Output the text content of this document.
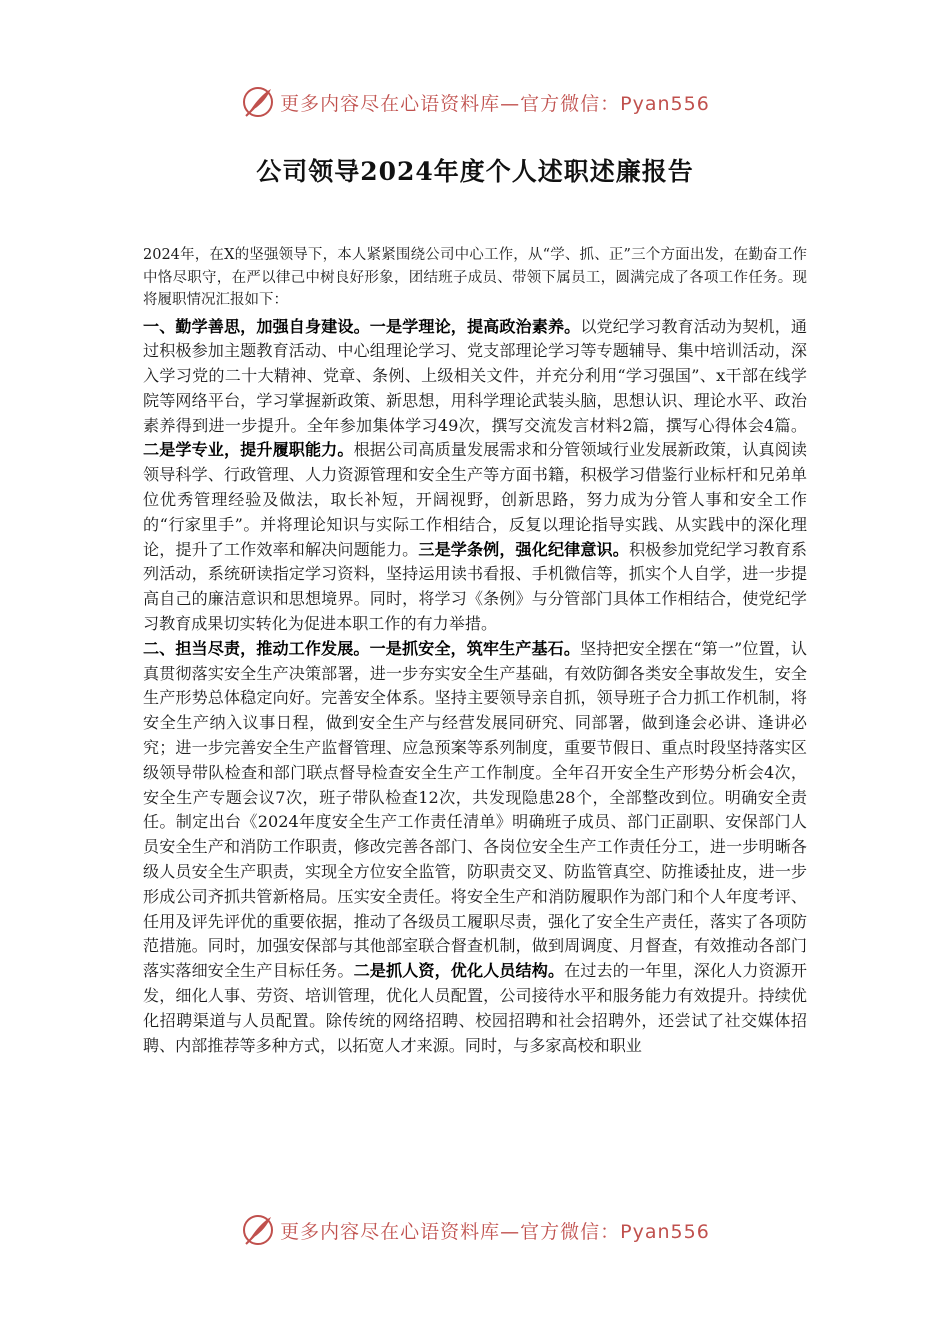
更多内容尽在心语资料库—官方微信：Pyan556
公司领导2024年度个人述职述廉报告

2024年，在X的坚强领导下，本人紧紧围绕公司中心工作，从“学、抓、正”三个方面出发，在勤奋工作中恪尽职守，在严以律己中树良好形象，团结班子成员、带领下属员工，圆满完成了各项工作任务。现将履职情况汇报如下：

一、勤学善思，加强自身建设。一是学理论，提高政治素养。以党纪学习教育活动为契机，通过积极参加主题教育活动、中心组理论学习、党支部理论学习等专题辅导、集中培训活动，深入学习党的二十大精神、党章、条例、上级相关文件，并充分利用“学习强国”、x干部在线学院等网络平台，学习掌握新政策、新思想，用科学理论武装头脑，思想认识、理论水平、政治素养得到进一步提升。全年参加集体学习49次，撰写交流发言材料2篇，撰写心得体会4篇。二是学专业，提升履职能力。根据公司高质量发展需求和分管领域行业发展新政策，认真阅读领导科学、行政管理、人力资源管理和安全生产等方面书籍，积极学习借鉴行业标杆和兄弟单位优秀管理经验及做法，取长补短，开阔视野，创新思路，努力成为分管人事和安全工作的“行家里手”。并将理论知识与实际工作相结合，反复以理论指导实践、从实践中的深化理论，提升了工作效率和解决问题能力。三是学条例，强化纪律意识。积极参加党纪学习教育系列活动，系统研读指定学习资料，坚持运用读书看报、手机微信等，抓实个人自学，进一步提高自己的廉洁意识和思想境界。同时，将学习《条例》与分管部门具体工作相结合，使党纪学习教育成果切实转化为促进本职工作的有力举措。

二、担当尽责，推动工作发展。一是抓安全，筑牢生产基石。坚持把安全摆在“第一”位置，认真贯彻落实安全生产决策部署，进一步夯实安全生产基础，有效防御各类安全事故发生，安全生产形势总体稳定向好。完善安全体系。坚持主要领导亲自抓，领导班子合力抓工作机制，将安全生产纳入议事日程，做到安全生产与经营发展同研究、同部署，做到逢会必讲、逢讲必究；进一步完善安全生产监督管理、应急预案等系列制度，重要节假日、重点时段坚持落实区级领导带队检查和部门联点督导检查安全生产工作制度。全年召开安全生产形势分析会4次，安全生产专题会议7次，班子带队检查12次，共发现隐患28个，全部整改到位。明确安全责任。制定出台《2024年度安全生产工作责任清单》明确班子成员、部门正副职、安保部门人员安全生产和消防工作职责，修改完善各部门、各岗位安全生产工作责任分工，进一步明晰各级人员安全生产职责，实现全方位安全监管，防职责交叉、防监管真空、防推诿扯皮，进一步形成公司齐抓共管新格局。压实安全责任。将安全生产和消防履职作为部门和个人年度考评、任用及评先评优的重要依据，推动了各级员工履职尽责，强化了安全生产责任，落实了各项防范措施。同时，加强安保部与其他部室联合督查机制，做到周调度、月督查，有效推动各部门落实落细安全生产目标任务。二是抓人资，优化人员结构。在过去的一年里，深化人力资源开发，细化人事、劳资、培训管理，优化人员配置，公司接待水平和服务能力有效提升。持续优化招聘渠道与人员配置。除传统的网络招聘、校园招聘和社会招聘外，还尝试了社交媒体招聘、内部推荐等多种方式，以拓宽人才来源。同时，与多家高校和职业

更多内容尽在心语资料库—官方微信：Pyan556
